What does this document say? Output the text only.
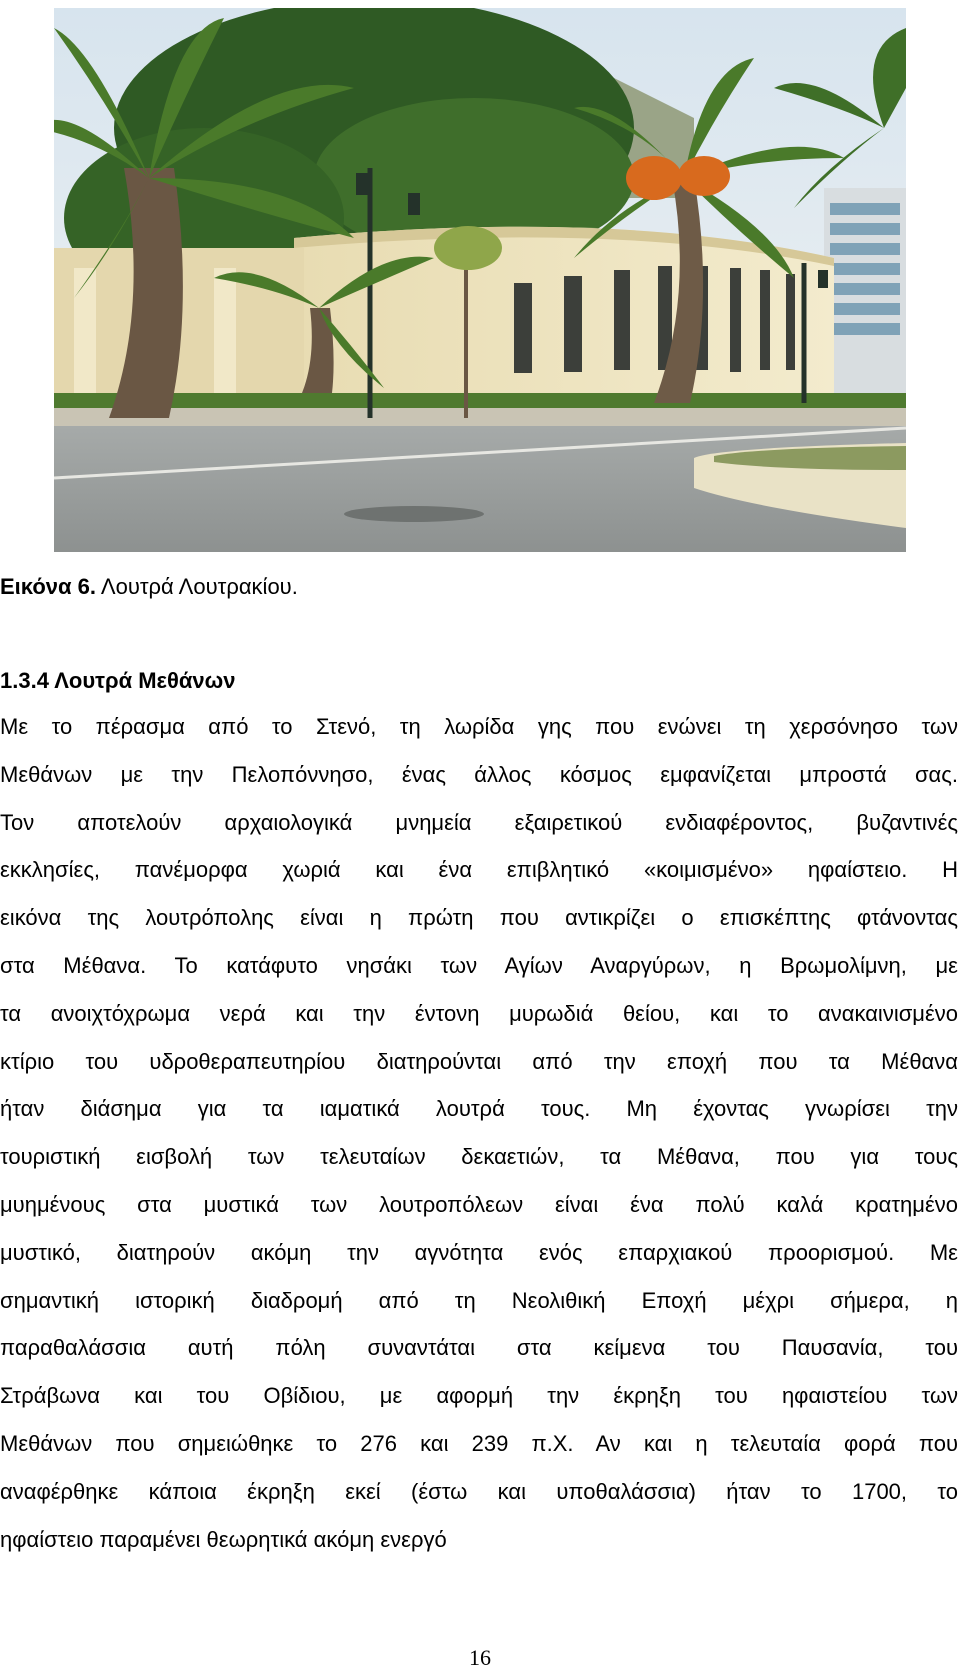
Εικόνα 6. Λουτρά Λουτρακίου.
1.3.4 Λουτρά Μεθάνων
Με το πέρασμα από το Στενό, τη λωρίδα γης που ενώνει τη χερσόνησο των
Μεθάνων με την Πελοπόννησο, ένας άλλος κόσμος εμφανίζεται μπροστά σας.
Τον αποτελούν αρχαιολογικά μνημεία εξαιρετικού ενδιαφέροντος, βυζαντινές
εκκλησίες, πανέμορφα χωριά και ένα επιβλητικό «κοιμισμένο» ηφαίστειο. Η
εικόνα της λουτρόπολης είναι η πρώτη που αντικρίζει ο επισκέπτης φτάνοντας
στα Μέθανα. Το κατάφυτο νησάκι των Αγίων Αναργύρων, η Βρωμολίμνη, με
τα ανοιχτόχρωμα νερά και την έντονη μυρωδιά θείου, και το ανακαινισμένο
κτίριο του υδροθεραπευτηρίου διατηρούνται από την εποχή που τα Μέθανα
ήταν διάσημα για τα ιαματικά λουτρά τους. Μη έχοντας γνωρίσει την
τουριστική εισβολή των τελευταίων δεκαετιών, τα Μέθανα, που για τους
μυημένους στα μυστικά των λουτροπόλεων είναι ένα πολύ καλά κρατημένο
μυστικό, διατηρούν ακόμη την αγνότητα ενός επαρχιακού προορισμού. Με
σημαντική ιστορική διαδρομή από τη Νεολιθική Εποχή μέχρι σήμερα, η
παραθαλάσσια αυτή πόλη συναντάται στα κείμενα του Παυσανία, του
Στράβωνα και του Οβίδιου, με αφορμή την έκρηξη του ηφαιστείου των
Μεθάνων που σημειώθηκε το 276 και 239 π.Χ. Αν και η τελευταία φορά που
αναφέρθηκε κάποια έκρηξη εκεί (έστω και υποθαλάσσια) ήταν το 1700, το
ηφαίστειο παραμένει θεωρητικά ακόμη ενεργό
16
